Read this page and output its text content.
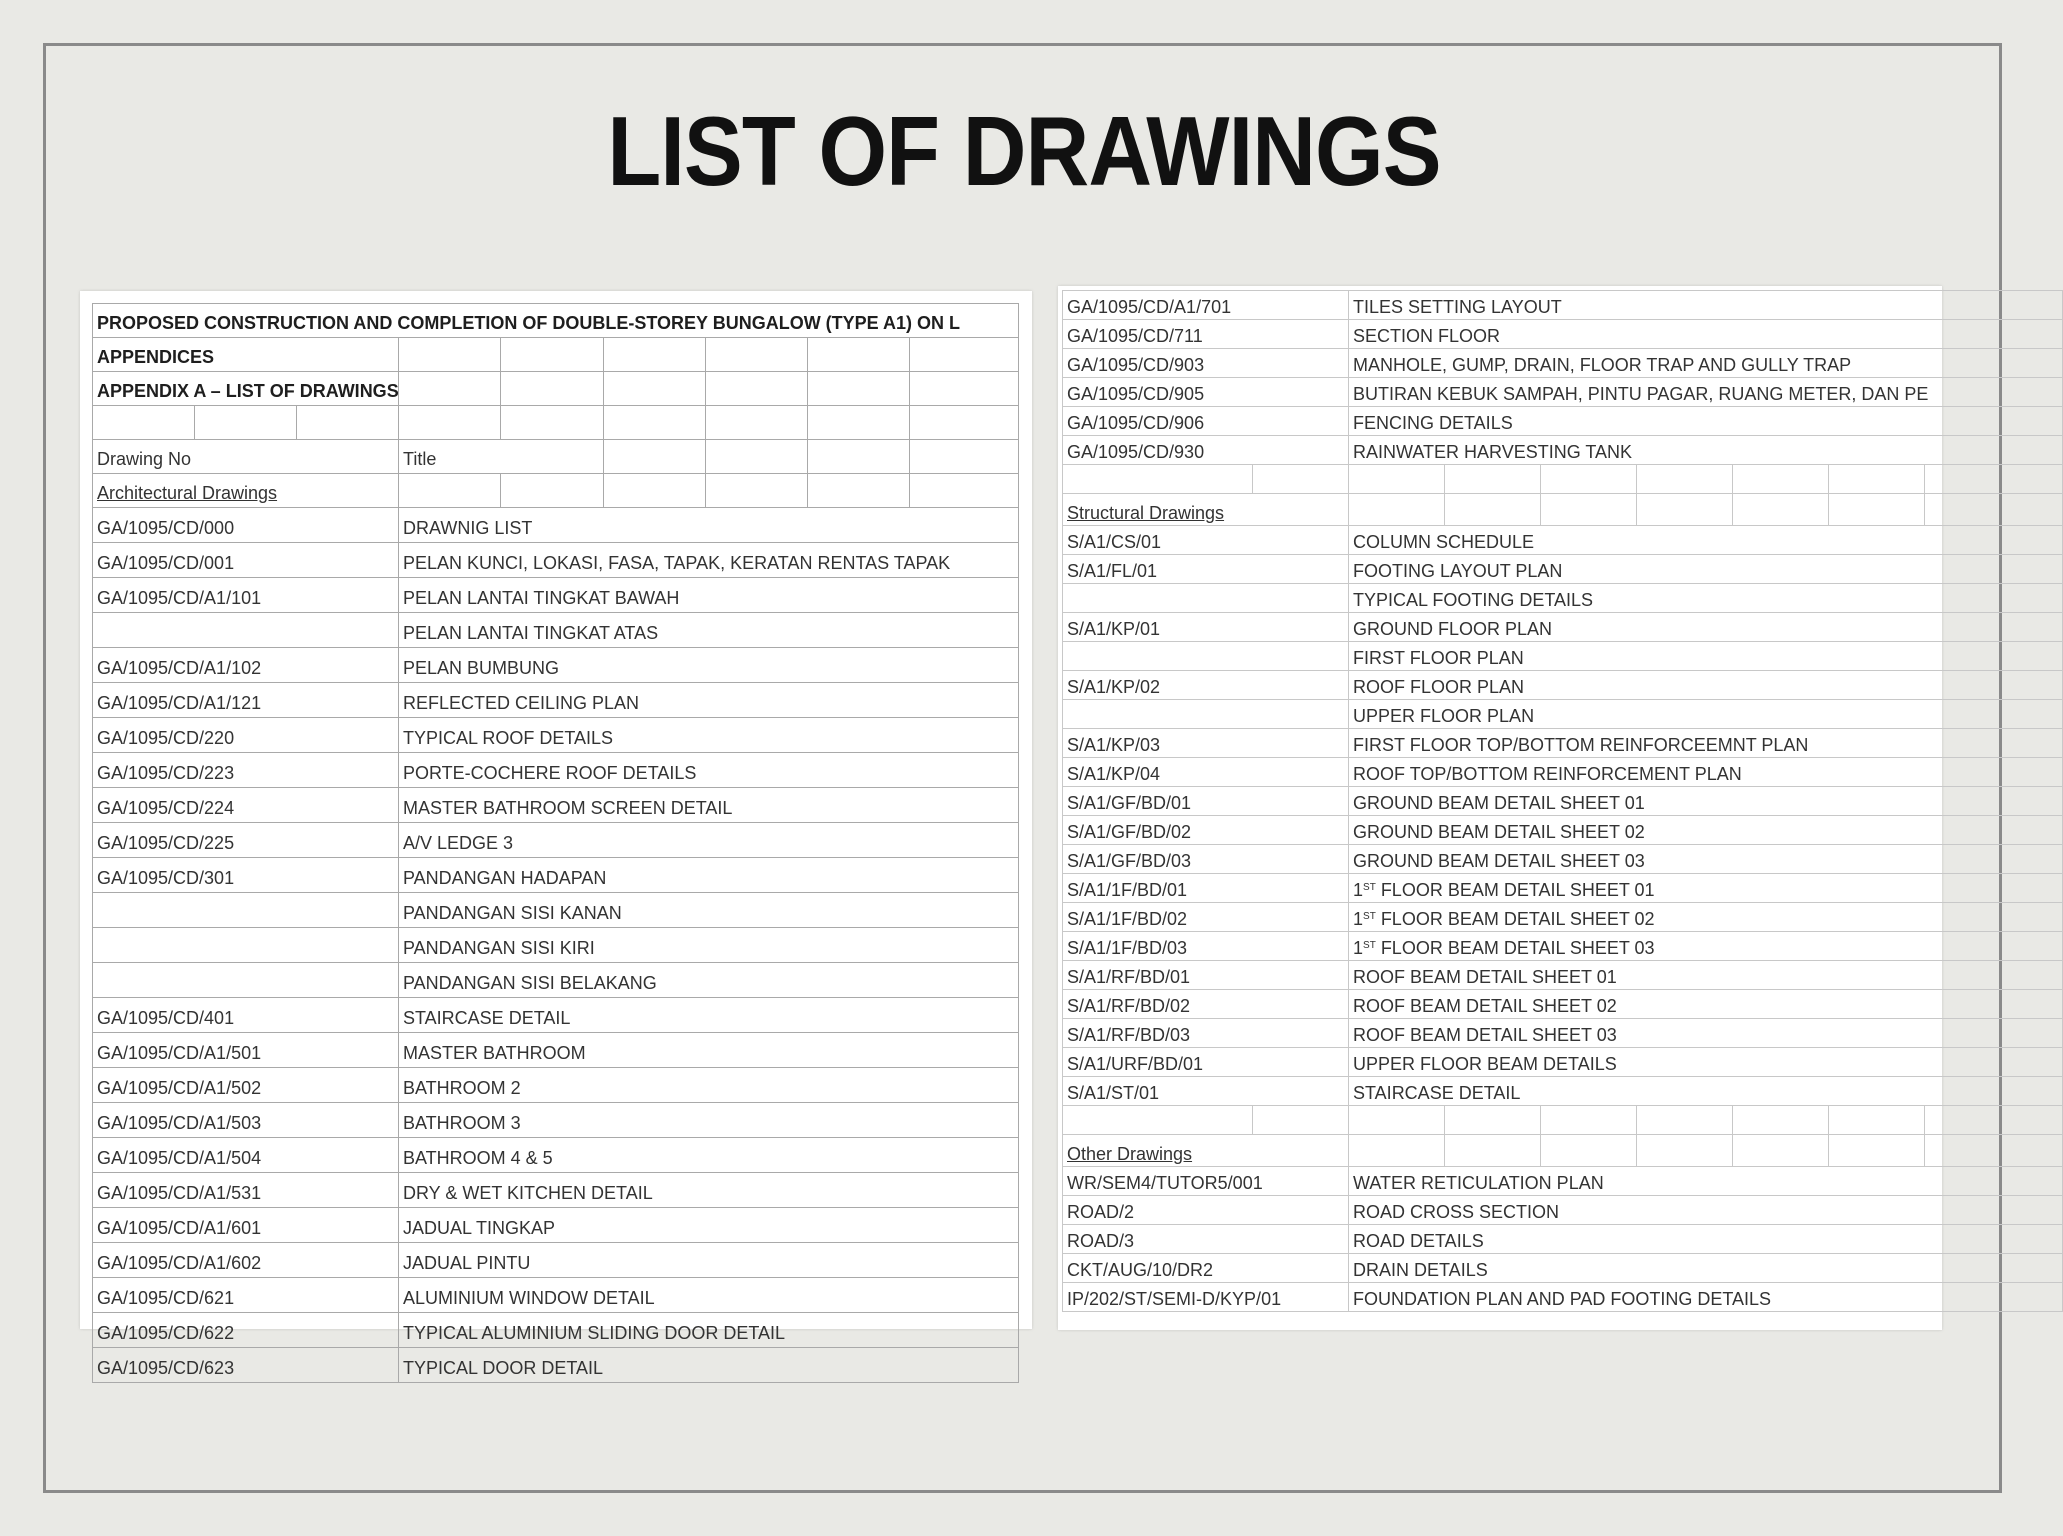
LIST OF DRAWINGS
PROPOSED CONSTRUCTION AND COMPLETION OF DOUBLE-STOREY BUNGALOW (TYPE A1) ON L								
APPENDICES								
APPENDIX A – LIST OF DRAWINGS								

Drawing No			Title					
Architectural Drawings								
GA/1095/CD/000			DRAWNIG LIST					
GA/1095/CD/001			PELAN KUNCI, LOKASI, FASA, TAPAK, KERATAN RENTAS TAPAK					
GA/1095/CD/A1/101			PELAN LANTAI TINGKAT BAWAH					
			PELAN LANTAI TINGKAT ATAS					
GA/1095/CD/A1/102			PELAN BUMBUNG					
GA/1095/CD/A1/121			REFLECTED CEILING PLAN					
GA/1095/CD/220			TYPICAL ROOF DETAILS					
GA/1095/CD/223			PORTE-COCHERE ROOF DETAILS					
GA/1095/CD/224			MASTER BATHROOM SCREEN DETAIL					
GA/1095/CD/225			A/V LEDGE 3					
GA/1095/CD/301			PANDANGAN HADAPAN					
			PANDANGAN SISI KANAN					
			PANDANGAN SISI KIRI					
			PANDANGAN SISI BELAKANG					
GA/1095/CD/401			STAIRCASE DETAIL					
GA/1095/CD/A1/501			MASTER BATHROOM					
GA/1095/CD/A1/502			BATHROOM 2					
GA/1095/CD/A1/503			BATHROOM 3					
GA/1095/CD/A1/504			BATHROOM 4 & 5					
GA/1095/CD/A1/531			DRY & WET KITCHEN DETAIL					
GA/1095/CD/A1/601			JADUAL TINGKAP					
GA/1095/CD/A1/602			JADUAL PINTU					
GA/1095/CD/621			ALUMINIUM WINDOW DETAIL					
GA/1095/CD/622			TYPICAL ALUMINIUM SLIDING DOOR DETAIL					
GA/1095/CD/623			TYPICAL DOOR DETAIL					
GA/1095/CD/A1/701		TILES SETTING LAYOUT						
GA/1095/CD/711		SECTION FLOOR						
GA/1095/CD/903		MANHOLE, GUMP, DRAIN, FLOOR TRAP AND GULLY TRAP						
GA/1095/CD/905		BUTIRAN KEBUK SAMPAH, PINTU PAGAR, RUANG METER, DAN PE						
GA/1095/CD/906		FENCING DETAILS						
GA/1095/CD/930		RAINWATER HARVESTING TANK						

Structural Drawings								
S/A1/CS/01		COLUMN SCHEDULE						
S/A1/FL/01		FOOTING LAYOUT PLAN						
		TYPICAL FOOTING DETAILS						
S/A1/KP/01		GROUND FLOOR PLAN						
		FIRST FLOOR PLAN						
S/A1/KP/02		ROOF FLOOR PLAN						
		UPPER FLOOR PLAN						
S/A1/KP/03		FIRST FLOOR TOP/BOTTOM REINFORCEEMNT PLAN						
S/A1/KP/04		ROOF TOP/BOTTOM REINFORCEMENT PLAN						
S/A1/GF/BD/01		GROUND BEAM DETAIL SHEET 01						
S/A1/GF/BD/02		GROUND BEAM DETAIL SHEET 02						
S/A1/GF/BD/03		GROUND BEAM DETAIL SHEET 03						
S/A1/1F/BD/01		1ST FLOOR BEAM DETAIL SHEET 01						
S/A1/1F/BD/02		1ST FLOOR BEAM DETAIL SHEET 02						
S/A1/1F/BD/03		1ST FLOOR BEAM DETAIL SHEET 03						
S/A1/RF/BD/01		ROOF BEAM DETAIL SHEET 01						
S/A1/RF/BD/02		ROOF BEAM DETAIL SHEET 02						
S/A1/RF/BD/03		ROOF BEAM DETAIL SHEET 03						
S/A1/URF/BD/01		UPPER FLOOR BEAM DETAILS						
S/A1/ST/01		STAIRCASE DETAIL						

Other Drawings								
WR/SEM4/TUTOR5/001		WATER RETICULATION PLAN						
ROAD/2		ROAD CROSS SECTION						
ROAD/3		ROAD DETAILS						
CKT/AUG/10/DR2		DRAIN DETAILS						
IP/202/ST/SEMI-D/KYP/01		FOUNDATION PLAN AND PAD FOOTING DETAILS						
